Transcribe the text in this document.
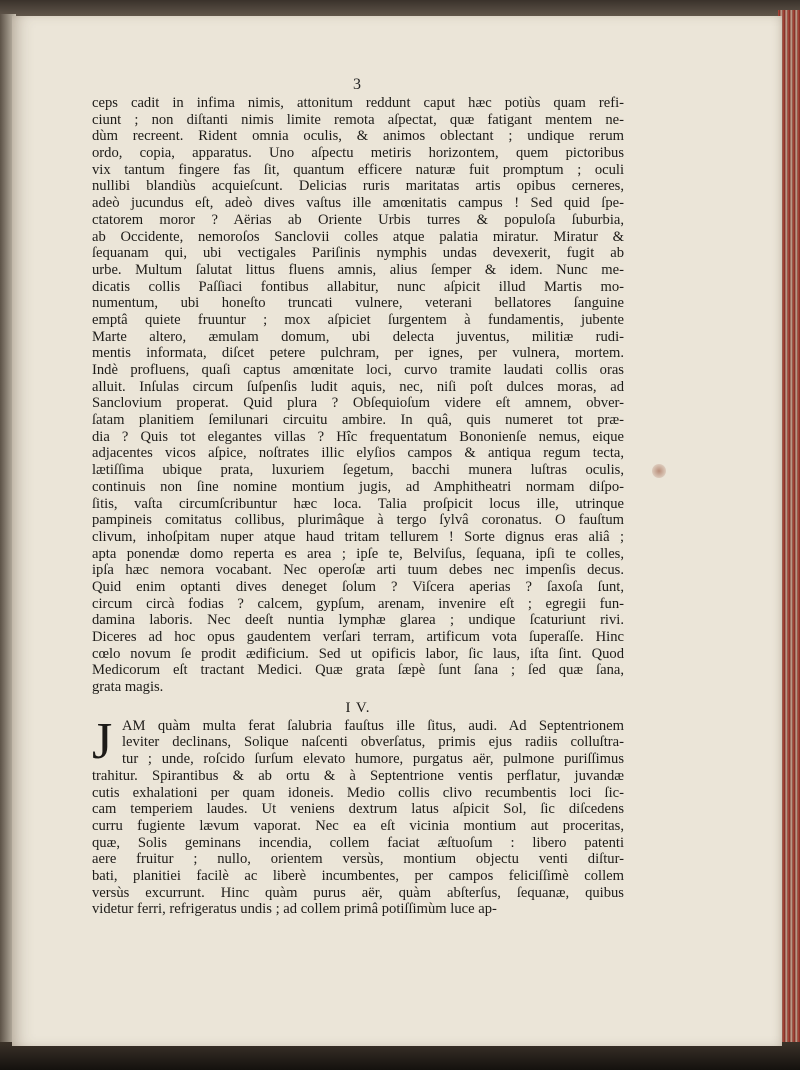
3
ceps cadit in infima nimis, attonitum reddunt caput hæc potiùs quam refi-
ciunt ; non diſtanti nimis limite remota aſpectat, quæ fatigant mentem ne-
dùm recreent. Rident omnia oculis, & animos oblectant ; undique rerum
ordo, copia, apparatus. Uno aſpectu metiris horizontem, quem pictoribus
vix tantum fingere fas ſit, quantum efficere naturæ fuit promptum ; oculi
nullibi blandiùs acquieſcunt. Delicias ruris maritatas artis opibus cerneres,
adeò jucundus eſt, adeò dives vaſtus ille amœnitatis campus ! Sed quid ſpe-
ctatorem moror ? Aërias ab Oriente Urbis turres & populoſa ſuburbia,
ab Occidente, nemoroſos Sanclovii colles atque palatia miratur. Miratur &
ſequanam qui, ubi vectigales Pariſinis nymphis undas devexerit, fugit ab
urbe. Multum ſalutat littus fluens amnis, alius ſemper & idem. Nunc me-
dicatis collis Paſſiaci fontibus allabitur, nunc aſpicit illud Martis mo-
numentum, ubi honeſto truncati vulnere, veterani bellatores ſanguine
emptâ quiete fruuntur ; mox aſpiciet ſurgentem à fundamentis, jubente
Marte altero, æmulam domum, ubi delecta juventus, militiæ rudi-
mentis informata, diſcet petere pulchram, per ignes, per vulnera, mortem.
Indè profluens, quaſi captus amœnitate loci, curvo tramite laudati collis oras
alluit. Inſulas circum ſuſpenſis ludit aquis, nec, niſi poſt dulces moras, ad
Sanclovium properat. Quid plura ? Obſequioſum videre eſt amnem, obver-
ſatam planitiem ſemilunari circuitu ambire. In quâ, quis numeret tot præ-
dia ? Quis tot elegantes villas ? Hîc frequentatum Bononienſe nemus, eique
adjacentes vicos aſpice, noſtrates illic elyſios campos & antiqua regum tecta,
lætiſſima ubique prata, luxuriem ſegetum, bacchi munera luſtras oculis,
continuis non ſine nomine montium jugis, ad Amphitheatri normam diſpo-
ſitis, vaſta circumſcribuntur hæc loca. Talia proſpicit locus ille, utrinque
pampineis comitatus collibus, plurimâque à tergo ſylvâ coronatus. O fauſtum
clivum, inhoſpitam nuper atque haud tritam tellurem ! Sorte dignus eras aliâ ;
apta ponendæ domo reperta es area ; ipſe te, Belviſus, ſequana, ipſi te colles,
ipſa hæc nemora vocabant. Nec operoſæ arti tuum debes nec impenſis decus.
Quid enim optanti dives deneget ſolum ? Viſcera aperias ? ſaxoſa ſunt,
circum circà fodias ? calcem, gypſum, arenam, invenire eſt ; egregii fun-
damina laboris. Nec deeſt nuntia lymphæ glarea ; undique ſcaturiunt rivi.
Diceres ad hoc opus gaudentem verſari terram, artificum vota ſuperaſſe. Hinc
cœlo novum ſe prodit ædificium. Sed ut opificis labor, ſic laus, iſta ſint. Quod
Medicorum eſt tractant Medici. Quæ grata ſæpè ſunt ſana ; ſed quæ ſana,
grata magis.
I V.
J AM quàm multa ferat ſalubria fauſtus ille ſitus, audi. Ad Septentrionem
leviter declinans, Solique naſcenti obverſatus, primis ejus radiis colluſtra-
tur ; unde, roſcido ſurſum elevato humore, purgatus aër, pulmone puriſſimus
trahitur. Spirantibus & ab ortu & à Septentrione ventis perflatur, juvandæ
cutis exhalationi per quam idoneis. Medio collis clivo recumbentis loci ſic-
cam temperiem laudes. Ut veniens dextrum latus aſpicit Sol, ſic diſcedens
curru fugiente lævum vaporat. Nec ea eſt vicinia montium aut proceritas,
quæ, Solis geminans incendia, collem faciat æſtuoſum : libero patenti
aere fruitur ; nullo, orientem versùs, montium objectu venti diſtur-
bati, planitiei facilè ac liberè incumbentes, per campos feliciſſimè collem
versùs excurrunt. Hinc quàm purus aër, quàm abſterſus, ſequanæ, quibus
videtur ferri, refrigeratus undis ; ad collem primâ potiſſimùm luce ap-
